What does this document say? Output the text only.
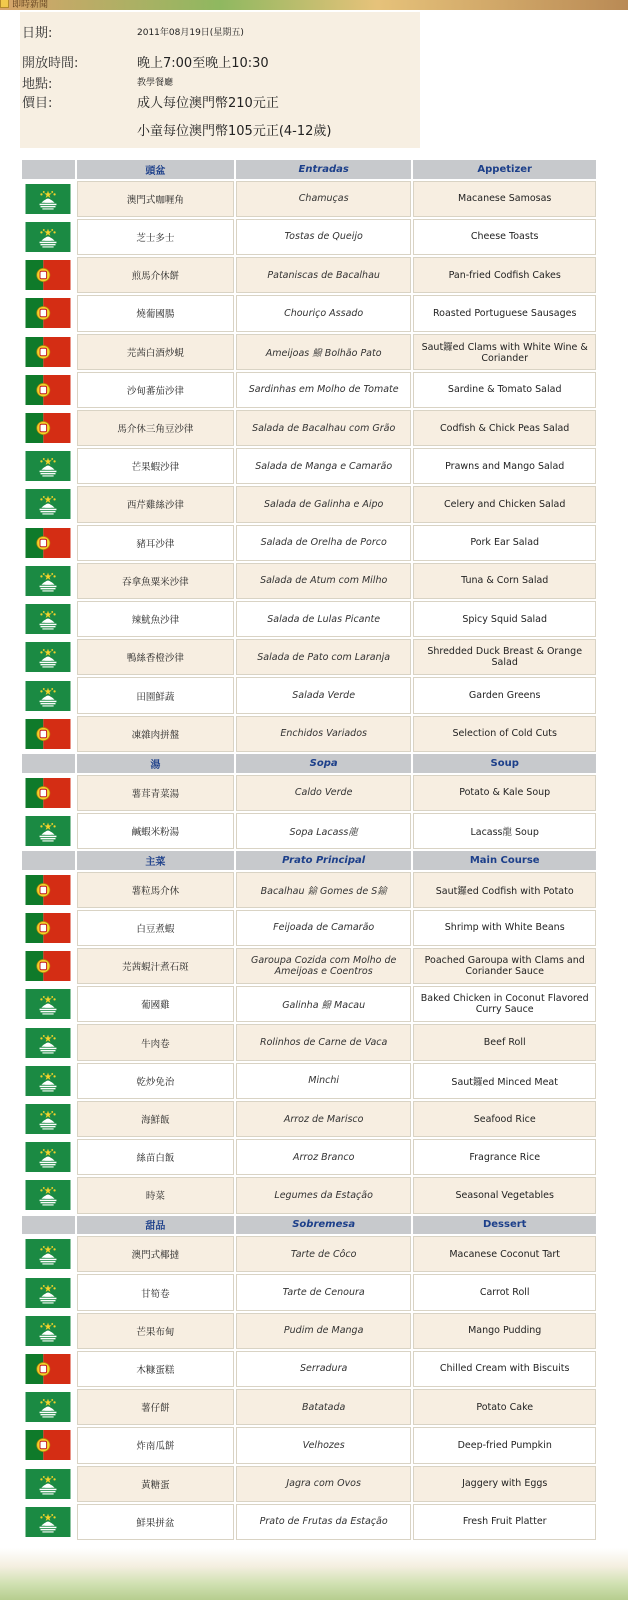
即時新聞
日期:	2011年08月19日(星期五)
開放時間:	晚上7:00至晚上10:30
地點:	教學餐廳
價目:	成人每位澳門幣210元正
小童每位澳門幣105元正(4-12歲)
	頭盆	Entradas	Appetizer

	澳門式咖喱角	Chamuças	Macanese Samosas

	芝士多士	Tostas de Queijo	Cheese Toasts

	煎馬介休餅	Pataniscas de Bacalhau	Pan-fried Codfish Cakes

	燒葡國腸	Chouriço Assado	Roasted Portuguese Sausages

	芫茜白酒炒蜆	Ameijoas 鱍 Bolhão Pato	Saut鑼ed Clams with White Wine & Coriander

	沙甸蕃茄沙律	Sardinhas em Molho de Tomate	Sardine & Tomato Salad

	馬介休三角豆沙律	Salada de Bacalhau com Grão	Codfish & Chick Peas Salad

	芒果蝦沙律	Salada de Manga e Camarão	Prawns and Mango Salad

	西芹雞絲沙律	Salada de Galinha e Aipo	Celery and Chicken Salad

	豬耳沙律	Salada de Orelha de Porco	Pork Ear Salad

	吞拿魚粟米沙律	Salada de Atum com Milho	Tuna & Corn Salad

	辣魷魚沙律	Salada de Lulas Picante	Spicy Squid Salad

	鴨絲香橙沙律	Salada de Pato com Laranja	Shredded Duck Breast & Orange Salad

	田園鮮蔬	Salada Verde	Garden Greens

	凍雜肉拼盤	Enchidos Variados	Selection of Cold Cuts
	湯	Sopa	Soup

	薯茸青菜湯	Caldo Verde	Potato & Kale Soup

	鹹蝦米粉湯	Sopa Lacass龍	Lacass龍 Soup
	主菜	Prato Principal	Main Course

	薯粒馬介休	Bacalhau 鍮 Gomes de S鍮	Saut鑼ed Codfish with Potato

	白豆煮蝦	Feijoada de Camarão	Shrimp with White Beans

	芫茜蜆汁煮石斑	Garoupa Cozida com Molho de Ameijoas e Coentros	Poached Garoupa with Clams and Coriander Sauce

	葡國雞	Galinha 鱍 Macau	Baked Chicken in Coconut Flavored Curry Sauce

	牛肉卷	Rolinhos de Carne de Vaca	Beef Roll

	乾炒免治	Minchi	Saut鑼ed Minced Meat

	海鮮飯	Arroz de Marisco	Seafood Rice

	絲苗白飯	Arroz Branco	Fragrance Rice

	時菜	Legumes da Estação	Seasonal Vegetables
	甜品	Sobremesa	Dessert

	澳門式椰撻	Tarte de Côco	Macanese Coconut Tart

	甘筍卷	Tarte de Cenoura	Carrot Roll

	芒果布甸	Pudim de Manga	Mango Pudding

	木糠蛋糕	Serradura	Chilled Cream with Biscuits

	薯仔餅	Batatada	Potato Cake

	炸南瓜餅	Velhozes	Deep-fried Pumpkin

	黃糖蛋	Jagra com Ovos	Jaggery with Eggs

	鮮果拼盆	Prato de Frutas da Estação	Fresh Fruit Platter
